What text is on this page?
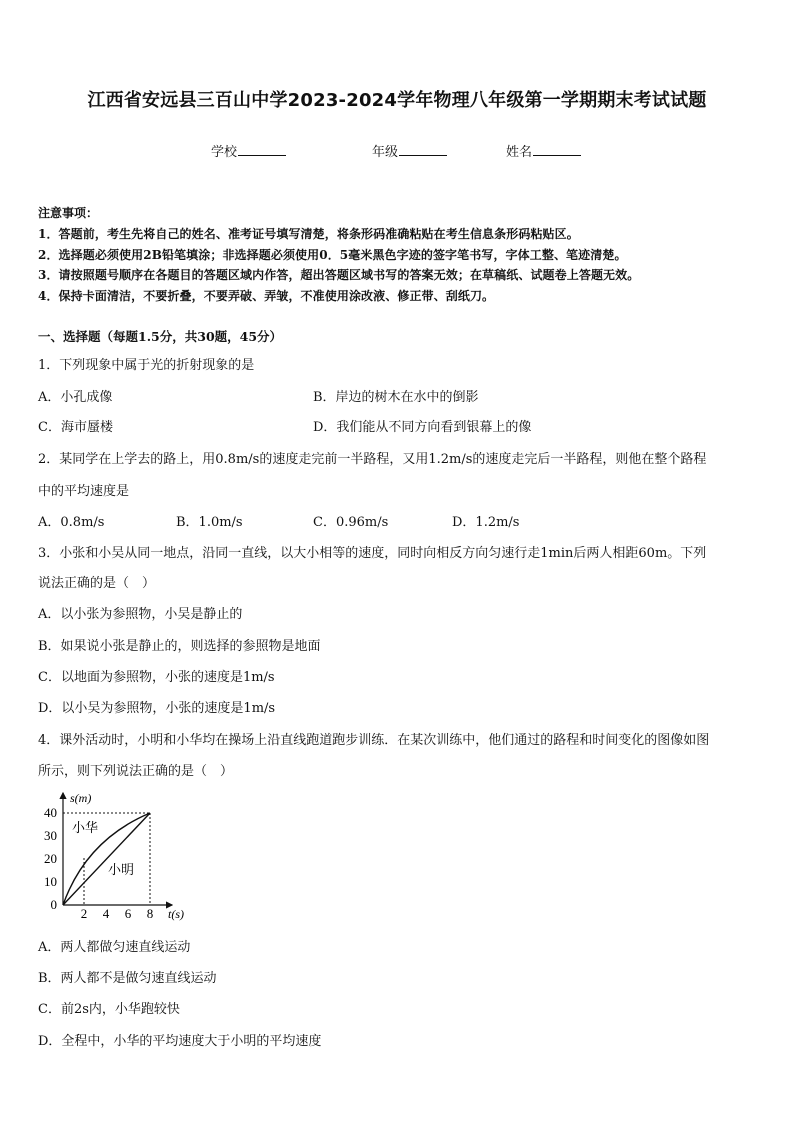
江西省安远县三百山中学2023-2024学年物理八年级第一学期期末考试试题
学校	年级	姓名
注意事项：
1．答题前，考生先将自己的姓名、准考证号填写清楚，将条形码准确粘贴在考生信息条形码粘贴区。
2．选择题必须使用2B铅笔填涂；非选择题必须使用0．5毫米黑色字迹的签字笔书写，字体工整、笔迹清楚。
3．请按照题号顺序在各题目的答题区域内作答，超出答题区域书写的答案无效；在草稿纸、试题卷上答题无效。
4．保持卡面清洁，不要折叠，不要弄破、弄皱，不准使用涂改液、修正带、刮纸刀。
一、选择题（每题1.5分，共30题，45分）
1．下列现象中属于光的折射现象的是
A．小孔成像	B．岸边的树木在水中的倒影
C．海市蜃楼	D．我们能从不同方向看到银幕上的像
2．某同学在上学去的路上，用0.8m/s的速度走完前一半路程，又用1.2m/s的速度走完后一半路程，则他在整个路程
中的平均速度是
A．0.8m/s	B．1.0m/s	C．0.96m/s	D．1.2m/s
3．小张和小吴从同一地点，沿同一直线，以大小相等的速度，同时向相反方向匀速行走1min后两人相距60m。下列
说法正确的是（　）
A．以小张为参照物，小吴是静止的
B．如果说小张是静止的，则选择的参照物是地面
C．以地面为参照物，小张的速度是1m/s
D．以小吴为参照物，小张的速度是1m/s
4．课外活动时，小明和小华均在操场上沿直线跑道跑步训练．在某次训练中，他们通过的路程和时间变化的图像如图
所示，则下列说法正确的是（　）
40
30
20
10
0
2 4 6 8
s(m)
t(s)
小华
小明
A．两人都做匀速直线运动
B．两人都不是做匀速直线运动
C．前2s内，小华跑较快
D．全程中，小华的平均速度大于小明的平均速度
